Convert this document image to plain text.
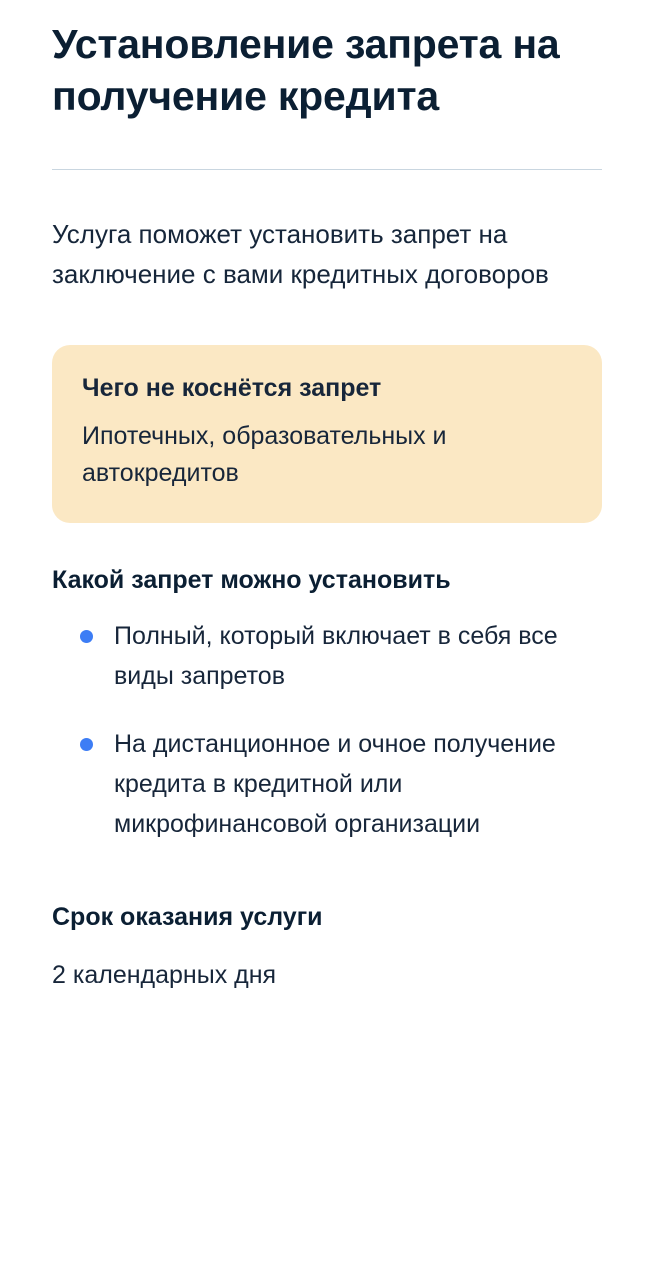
Установление запрета на получение кредита

Услуга поможет установить запрет на заключение с вами кредитных договоров

Чего не коснётся запрет

Ипотечных, образовательных и автокредитов

Какой запрет можно установить
Полный, который включает в себя все виды запретов
На дистанционное и очное получение кредита в кредитной или микрофинансовой организации
Срок оказания услуги

2 календарных дня
